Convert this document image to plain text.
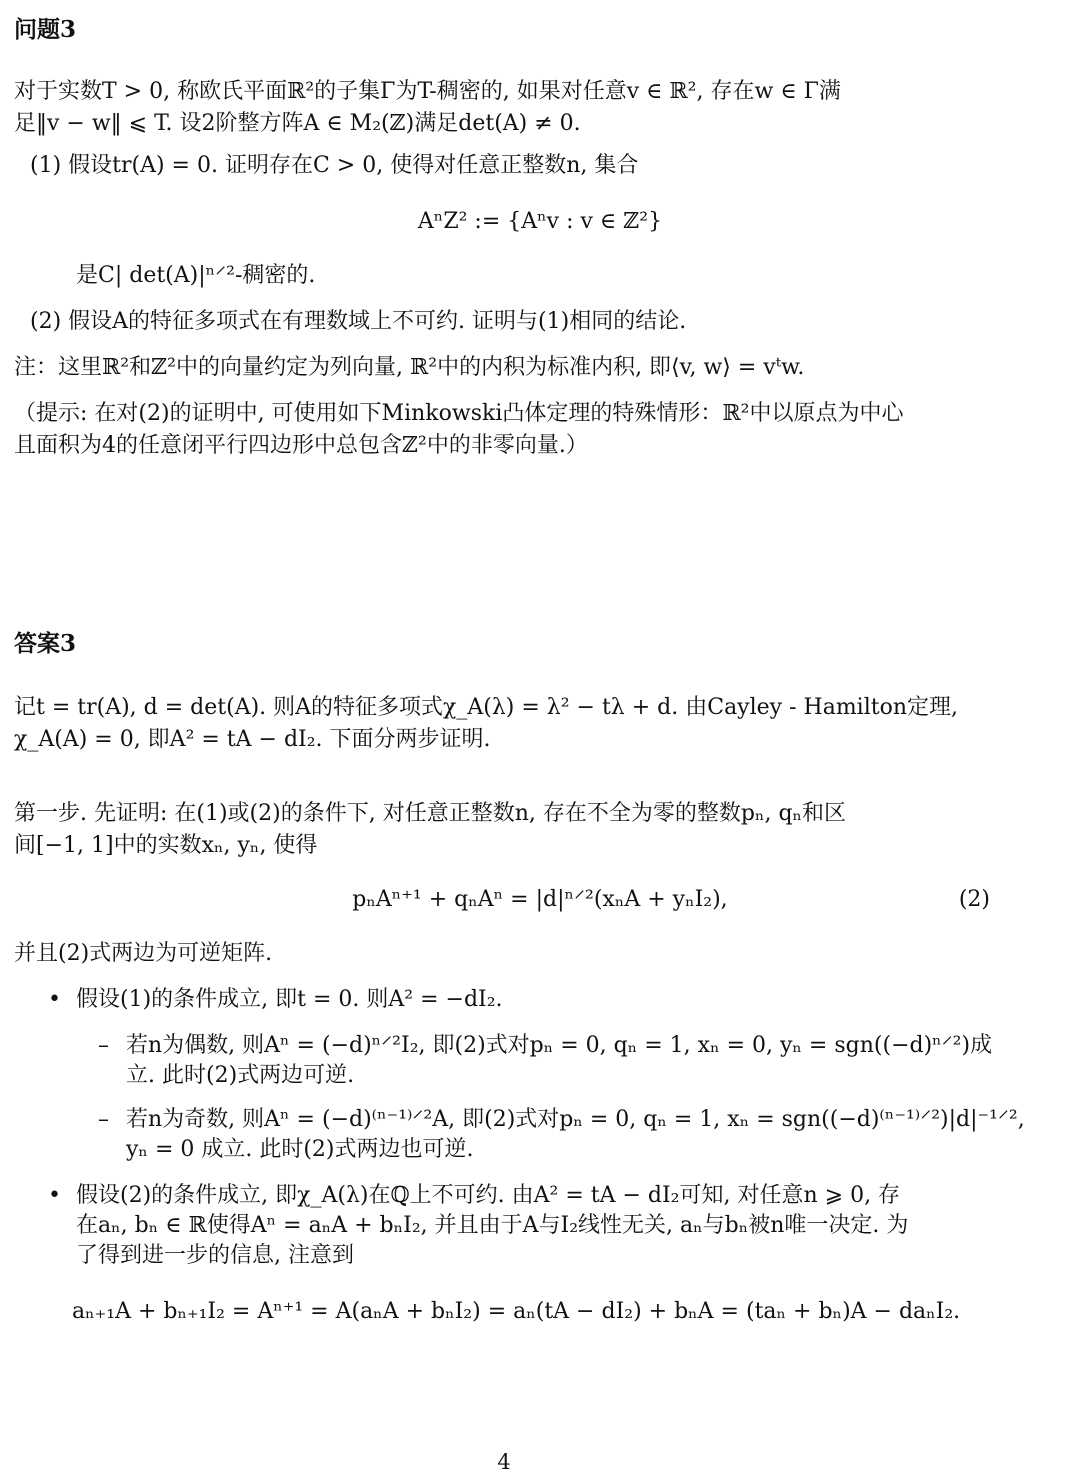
问题3
对于实数T > 0, 称欧氏平面ℝ²的子集Γ为T-稠密的, 如果对任意v ∈ ℝ², 存在w ∈ Γ满
足‖v − w‖ ⩽ T. 设2阶整方阵A ∈ M₂(ℤ)满足det(A) ≠ 0.
(1) 假设tr(A) = 0. 证明存在C > 0, 使得对任意正整数n, 集合
AⁿZ² := {Aⁿv : v ∈ ℤ²}
是C| det(A)|ⁿ⸍²-稠密的.
(2) 假设A的特征多项式在有理数域上不可约. 证明与(1)相同的结论.
注：这里ℝ²和ℤ²中的向量约定为列向量, ℝ²中的内积为标准内积, 即⟨v, w⟩ = vᵗw.
（提示: 在对(2)的证明中, 可使用如下Minkowski凸体定理的特殊情形：ℝ²中以原点为中心
且面积为4的任意闭平行四边形中总包含ℤ²中的非零向量.）
答案3
记t = tr(A), d = det(A). 则A的特征多项式χ_A(λ) = λ² − tλ + d. 由Cayley - Hamilton定理,
χ_A(A) = 0, 即A² = tA − dI₂. 下面分两步证明.
第一步. 先证明: 在(1)或(2)的条件下, 对任意正整数n, 存在不全为零的整数pₙ, qₙ和区
间[−1, 1]中的实数xₙ, yₙ, 使得
pₙAⁿ⁺¹ + qₙAⁿ = |d|ⁿ⸍²(xₙA + yₙI₂),	(2)
并且(2)式两边为可逆矩阵.
• 假设(1)的条件成立, 即t = 0. 则A² = −dI₂.
– 若n为偶数, 则Aⁿ = (−d)ⁿ⸍²I₂, 即(2)式对pₙ = 0, qₙ = 1, xₙ = 0, yₙ = sgn((−d)ⁿ⸍²)成
立. 此时(2)式两边可逆.
– 若n为奇数, 则Aⁿ = (−d)⁽ⁿ⁻¹⁾⸍²A, 即(2)式对pₙ = 0, qₙ = 1, xₙ = sgn((−d)⁽ⁿ⁻¹⁾⸍²)|d|⁻¹⸍²,
yₙ = 0 成立. 此时(2)式两边也可逆.
• 假设(2)的条件成立, 即χ_A(λ)在ℚ上不可约. 由A² = tA − dI₂可知, 对任意n ⩾ 0, 存
在aₙ, bₙ ∈ ℝ使得Aⁿ = aₙA + bₙI₂, 并且由于A与I₂线性无关, aₙ与bₙ被n唯一决定. 为
了得到进一步的信息, 注意到
aₙ₊₁A + bₙ₊₁I₂ = Aⁿ⁺¹ = A(aₙA + bₙI₂) = aₙ(tA − dI₂) + bₙA = (taₙ + bₙ)A − daₙI₂.
4
